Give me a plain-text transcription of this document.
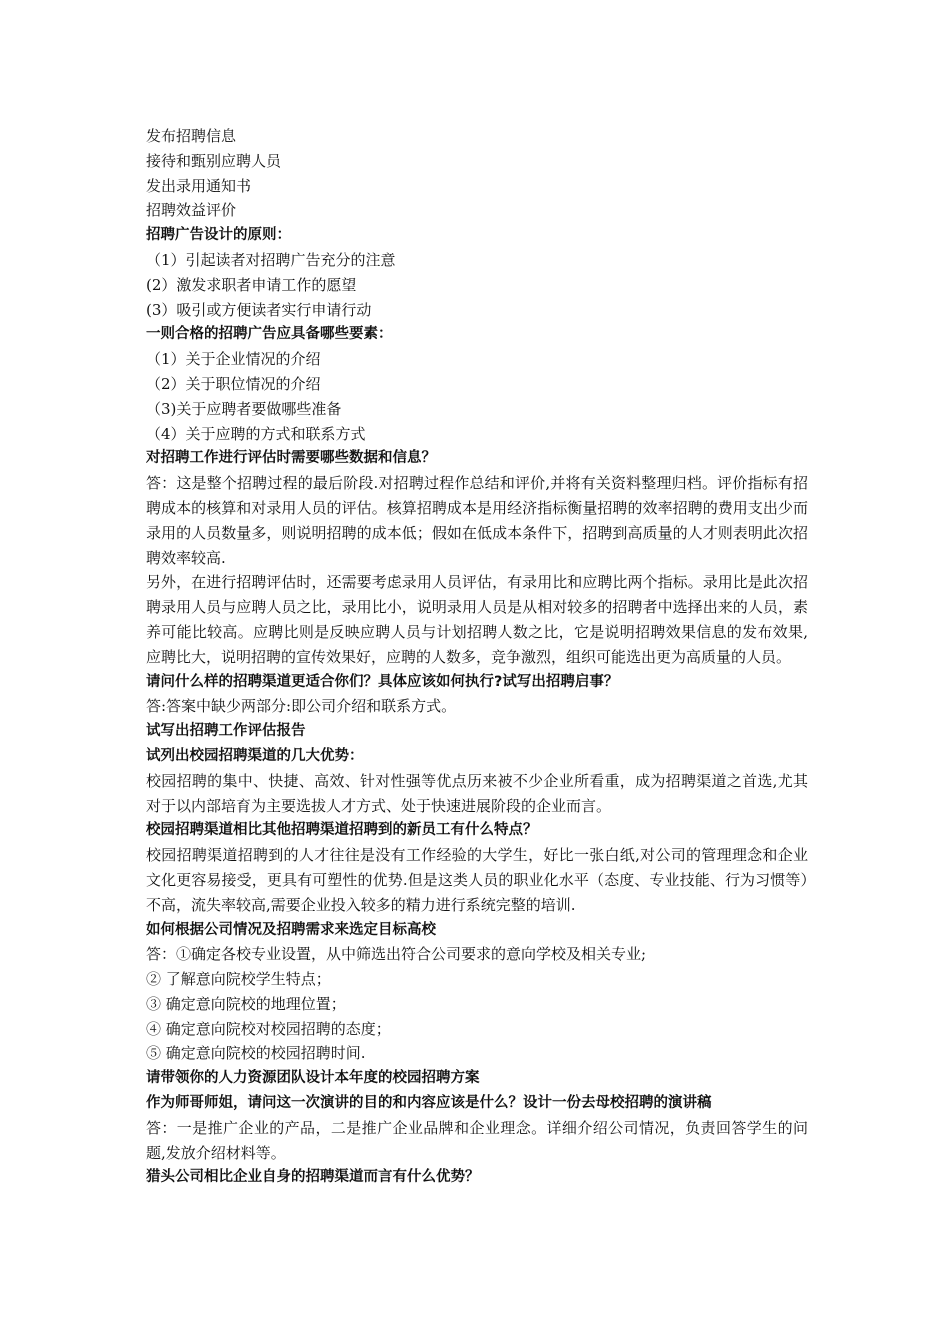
发布招聘信息
接待和甄别应聘人员
发出录用通知书
招聘效益评价
招聘广告设计的原则：
（1）引起读者对招聘广告充分的注意
(2）激发求职者申请工作的愿望
(3）吸引或方便读者实行申请行动
一则合格的招聘广告应具备哪些要素：
（1）关于企业情况的介绍
（2）关于职位情况的介绍
（3)关于应聘者要做哪些准备
（4）关于应聘的方式和联系方式
对招聘工作进行评估时需要哪些数据和信息？

答：这是整个招聘过程的最后阶段.对招聘过程作总结和评价,并将有关资料整理归档。评价指标有招聘成本的核算和对录用人员的评估。核算招聘成本是用经济指标衡量招聘的效率招聘的费用支出少而录用的人员数量多，则说明招聘的成本低；假如在低成本条件下，招聘到高质量的人才则表明此次招聘效率较高.

另外，在进行招聘评估时，还需要考虑录用人员评估，有录用比和应聘比两个指标。录用比是此次招聘录用人员与应聘人员之比，录用比小，说明录用人员是从相对较多的招聘者中选择出来的人员，素养可能比较高。应聘比则是反映应聘人员与计划招聘人数之比，它是说明招聘效果信息的发布效果,应聘比大，说明招聘的宣传效果好，应聘的人数多，竞争激烈，组织可能选出更为高质量的人员。

请问什么样的招聘渠道更适合你们？具体应该如何执行?试写出招聘启事？
答:答案中缺少两部分:即公司介绍和联系方式。
试写出招聘工作评估报告
试列出校园招聘渠道的几大优势：

校园招聘的集中、快捷、高效、针对性强等优点历来被不少企业所看重，成为招聘渠道之首选,尤其对于以内部培育为主要选拔人才方式、处于快速进展阶段的企业而言。

校园招聘渠道相比其他招聘渠道招聘到的新员工有什么特点？

校园招聘渠道招聘到的人才往往是没有工作经验的大学生，好比一张白纸,对公司的管理理念和企业文化更容易接受，更具有可塑性的优势.但是这类人员的职业化水平（态度、专业技能、行为习惯等）不高，流失率较高,需要企业投入较多的精力进行系统完整的培训.

如何根据公司情况及招聘需求来选定目标高校
答：①确定各校专业设置，从中筛选出符合公司要求的意向学校及相关专业;
② 了解意向院校学生特点；
③ 确定意向院校的地理位置；
④ 确定意向院校对校园招聘的态度；
⑤ 确定意向院校的校园招聘时间.
请带领你的人力资源团队设计本年度的校园招聘方案
作为师哥师姐，请问这一次演讲的目的和内容应该是什么？设计一份去母校招聘的演讲稿

答：一是推广企业的产品，二是推广企业品牌和企业理念。详细介绍公司情况，负责回答学生的问题,发放介绍材料等。

猎头公司相比企业自身的招聘渠道而言有什么优势？
